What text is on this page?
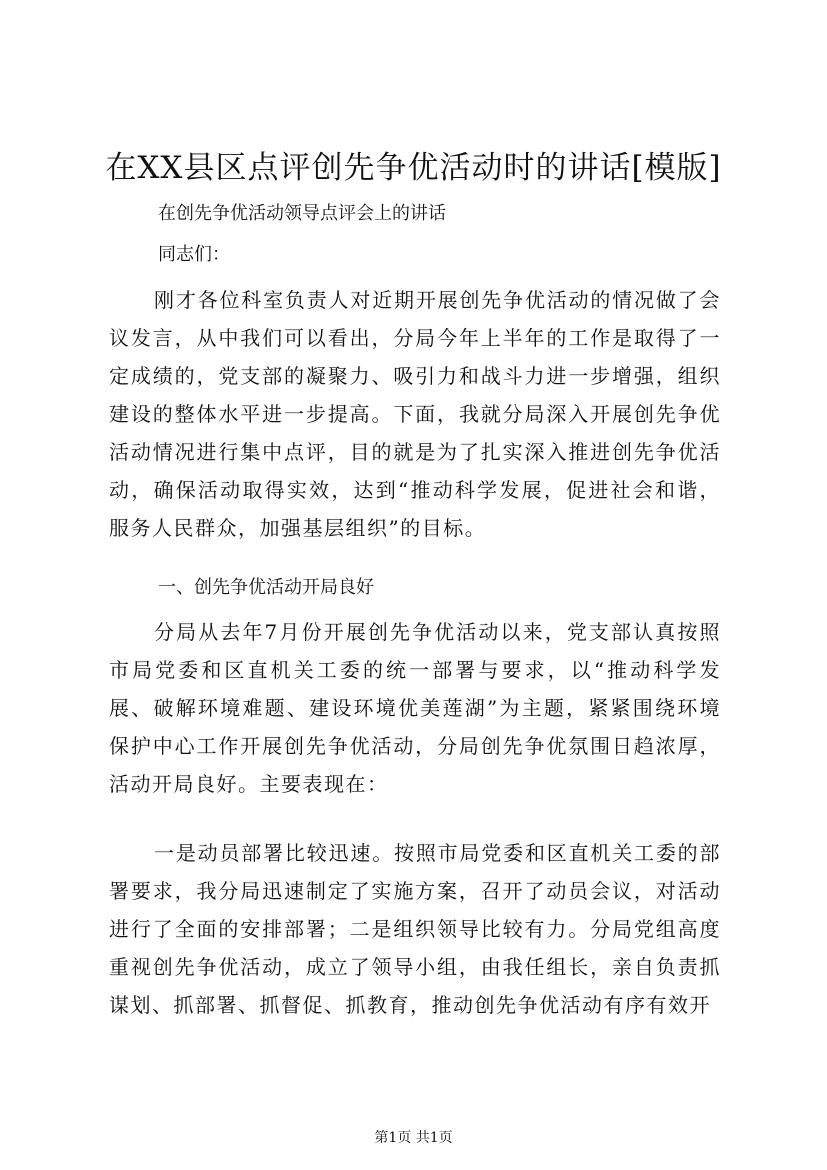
在XX县区点评创先争优活动时的讲话[模版]
在创先争优活动领导点评会上的讲话
同志们：

刚才各位科室负责人对近期开展创先争优活动的情况做了会议发言，从中我们可以看出，分局今年上半年的工作是取得了一定成绩的，党支部的凝聚力、吸引力和战斗力进一步增强，组织建设的整体水平进一步提高。下面，我就分局深入开展创先争优活动情况进行集中点评，目的就是为了扎实深入推进创先争优活动，确保活动取得实效，达到“推动科学发展，促进社会和谐，服务人民群众，加强基层组织”的目标。

一、创先争优活动开局良好

分局从去年7月份开展创先争优活动以来，党支部认真按照市局党委和区直机关工委的统一部署与要求，以“推动科学发展、破解环境难题、建设环境优美莲湖”为主题，紧紧围绕环境保护中心工作开展创先争优活动，分局创先争优氛围日趋浓厚，活动开局良好。主要表现在：

一是动员部署比较迅速。按照市局党委和区直机关工委的部署要求，我分局迅速制定了实施方案，召开了动员会议，对活动进行了全面的安排部署；二是组织领导比较有力。分局党组高度重视创先争优活动，成立了领导小组，由我任组长，亲自负责抓谋划、抓部署、抓督促、抓教育，推动创先争优活动有序有效开

第1页 共1页
